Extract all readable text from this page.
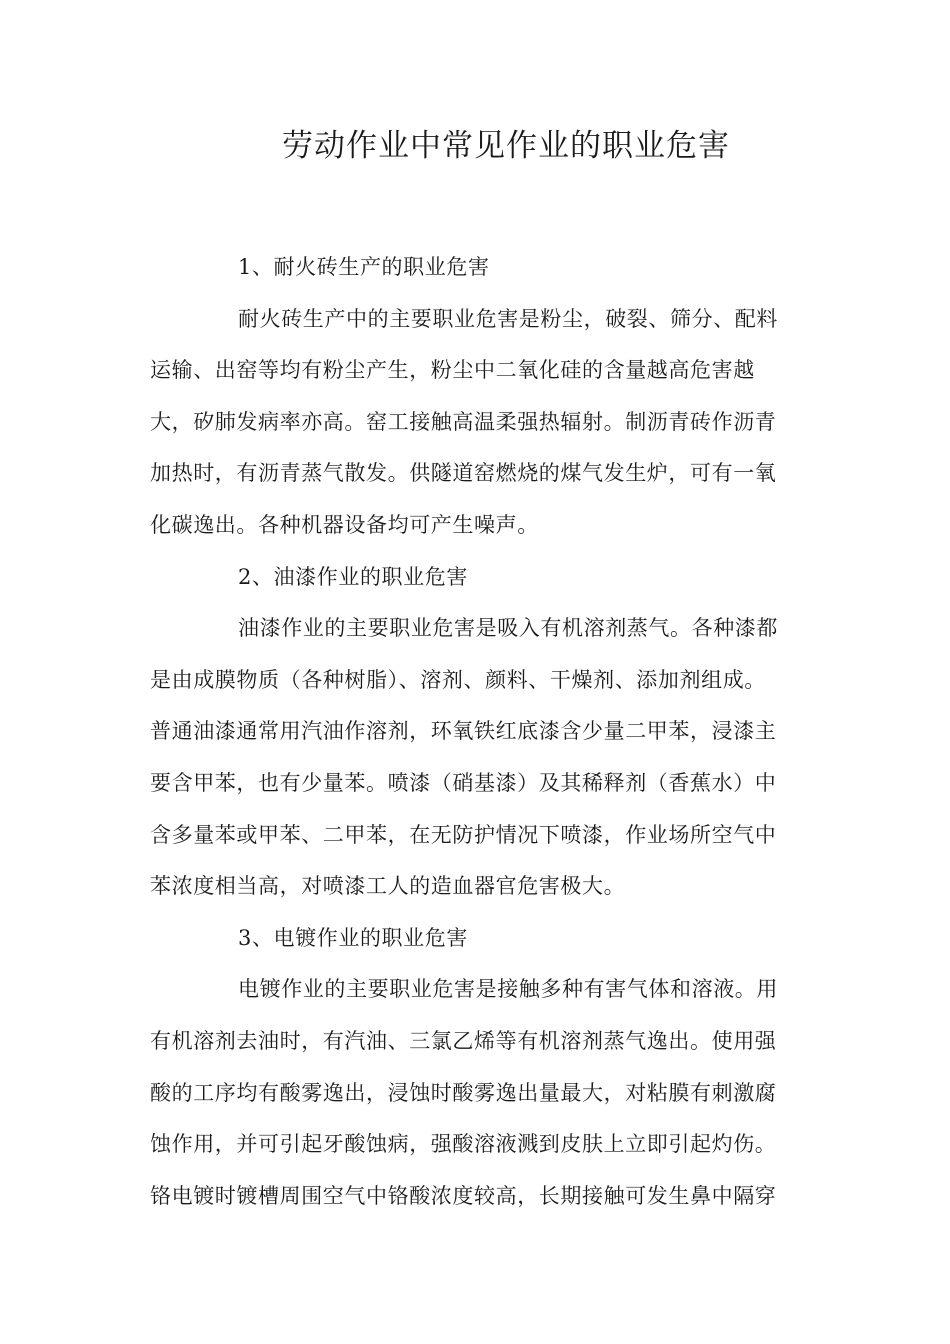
劳动作业中常见作业的职业危害
1、耐火砖生产的职业危害
耐火砖生产中的主要职业危害是粉尘，破裂、筛分、配料
运输、出窑等均有粉尘产生，粉尘中二氧化硅的含量越高危害越
大，矽肺发病率亦高。窑工接触高温柔强热辐射。制沥青砖作沥青
加热时，有沥青蒸气散发。供隧道窑燃烧的煤气发生炉，可有一氧
化碳逸出。各种机器设备均可产生噪声。
2、油漆作业的职业危害
油漆作业的主要职业危害是吸入有机溶剂蒸气。各种漆都
是由成膜物质（各种树脂）、溶剂、颜料、干燥剂、添加剂组成。
普通油漆通常用汽油作溶剂，环氧铁红底漆含少量二甲苯，浸漆主
要含甲苯，也有少量苯。喷漆（硝基漆）及其稀释剂（香蕉水）中
含多量苯或甲苯、二甲苯，在无防护情况下喷漆，作业场所空气中
苯浓度相当高，对喷漆工人的造血器官危害极大。
3、电镀作业的职业危害
电镀作业的主要职业危害是接触多种有害气体和溶液。用
有机溶剂去油时，有汽油、三氯乙烯等有机溶剂蒸气逸出。使用强
酸的工序均有酸雾逸出，浸蚀时酸雾逸出量最大，对粘膜有刺激腐
蚀作用，并可引起牙酸蚀病，强酸溶液溅到皮肤上立即引起灼伤。
铬电镀时镀槽周围空气中铬酸浓度较高，长期接触可发生鼻中隔穿
